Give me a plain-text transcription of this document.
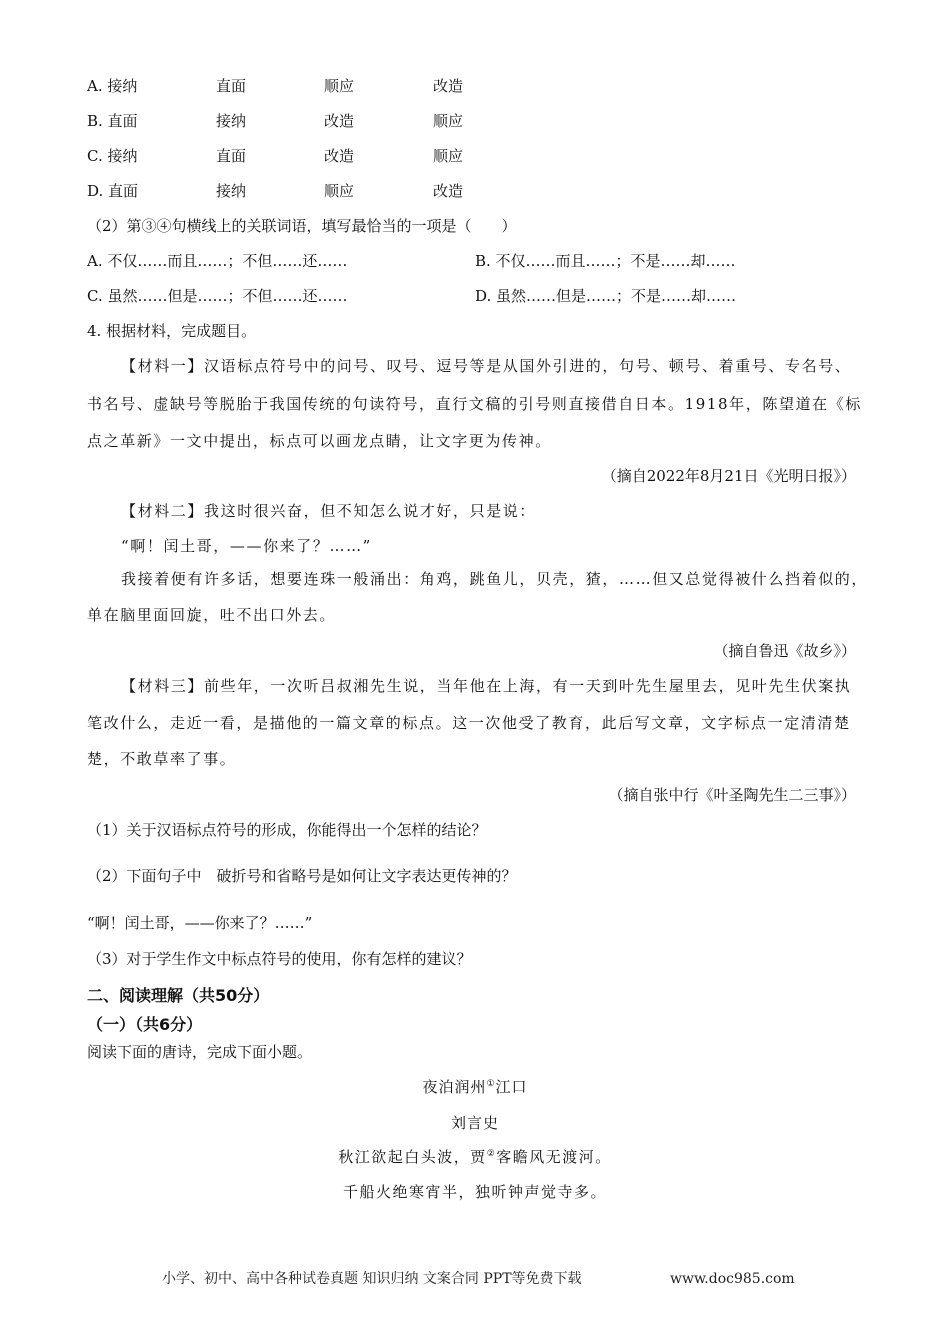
A. 接纳	直面	顺应	改造
B. 直面	接纳	改造	顺应
C. 接纳	直面	改造	顺应
D. 直面	接纳	顺应	改造
（2）第③④句横线上的关联词语，填写最恰当的一项是（　　）
A. 不仅……而且……；不但……还……	B. 不仅……而且……；不是……却……
C. 虽然……但是……；不但……还……	D. 虽然……但是……；不是……却……
4. 根据材料，完成题目。
【材料一】汉语标点符号中的问号、叹号、逗号等是从国外引进的，句号、顿号、着重号、专名号、
书名号、虚缺号等脱胎于我国传统的句读符号，直行文稿的引号则直接借自日本。1918年，陈望道在《标
点之革新》一文中提出，标点可以画龙点睛，让文字更为传神。
（摘自2022年8月21日《光明日报》）
【材料二】我这时很兴奋，但不知怎么说才好，只是说：
“啊！闰土哥，——你来了？……”
我接着便有许多话，想要连珠一般涌出：角鸡，跳鱼儿，贝壳，猹，……但又总觉得被什么挡着似的，
单在脑里面回旋，吐不出口外去。
（摘自鲁迅《故乡》）
【材料三】前些年，一次听吕叔湘先生说，当年他在上海，有一天到叶先生屋里去，见叶先生伏案执
笔改什么，走近一看，是描他的一篇文章的标点。这一次他受了教育，此后写文章，文字标点一定清清楚
楚，不敢草率了事。
（摘自张中行《叶圣陶先生二三事》）
（1）关于汉语标点符号的形成，你能得出一个怎样的结论？
（2）下面句子中　破折号和省略号是如何让文字表达更传神的？
“啊！闰土哥，——你来了？……”
（3）对于学生作文中标点符号的使用，你有怎样的建议？
二、阅读理解（共50分）
（一）（共6分）
阅读下面的唐诗，完成下面小题。
夜泊润州①江口
刘言史
秋江欲起白头波，贾②客瞻风无渡河。
千船火绝寒宵半，独听钟声觉寺多。
小学、初中、高中各种试卷真题 知识归纳 文案合同 PPT等免费下载	www.doc985.com
